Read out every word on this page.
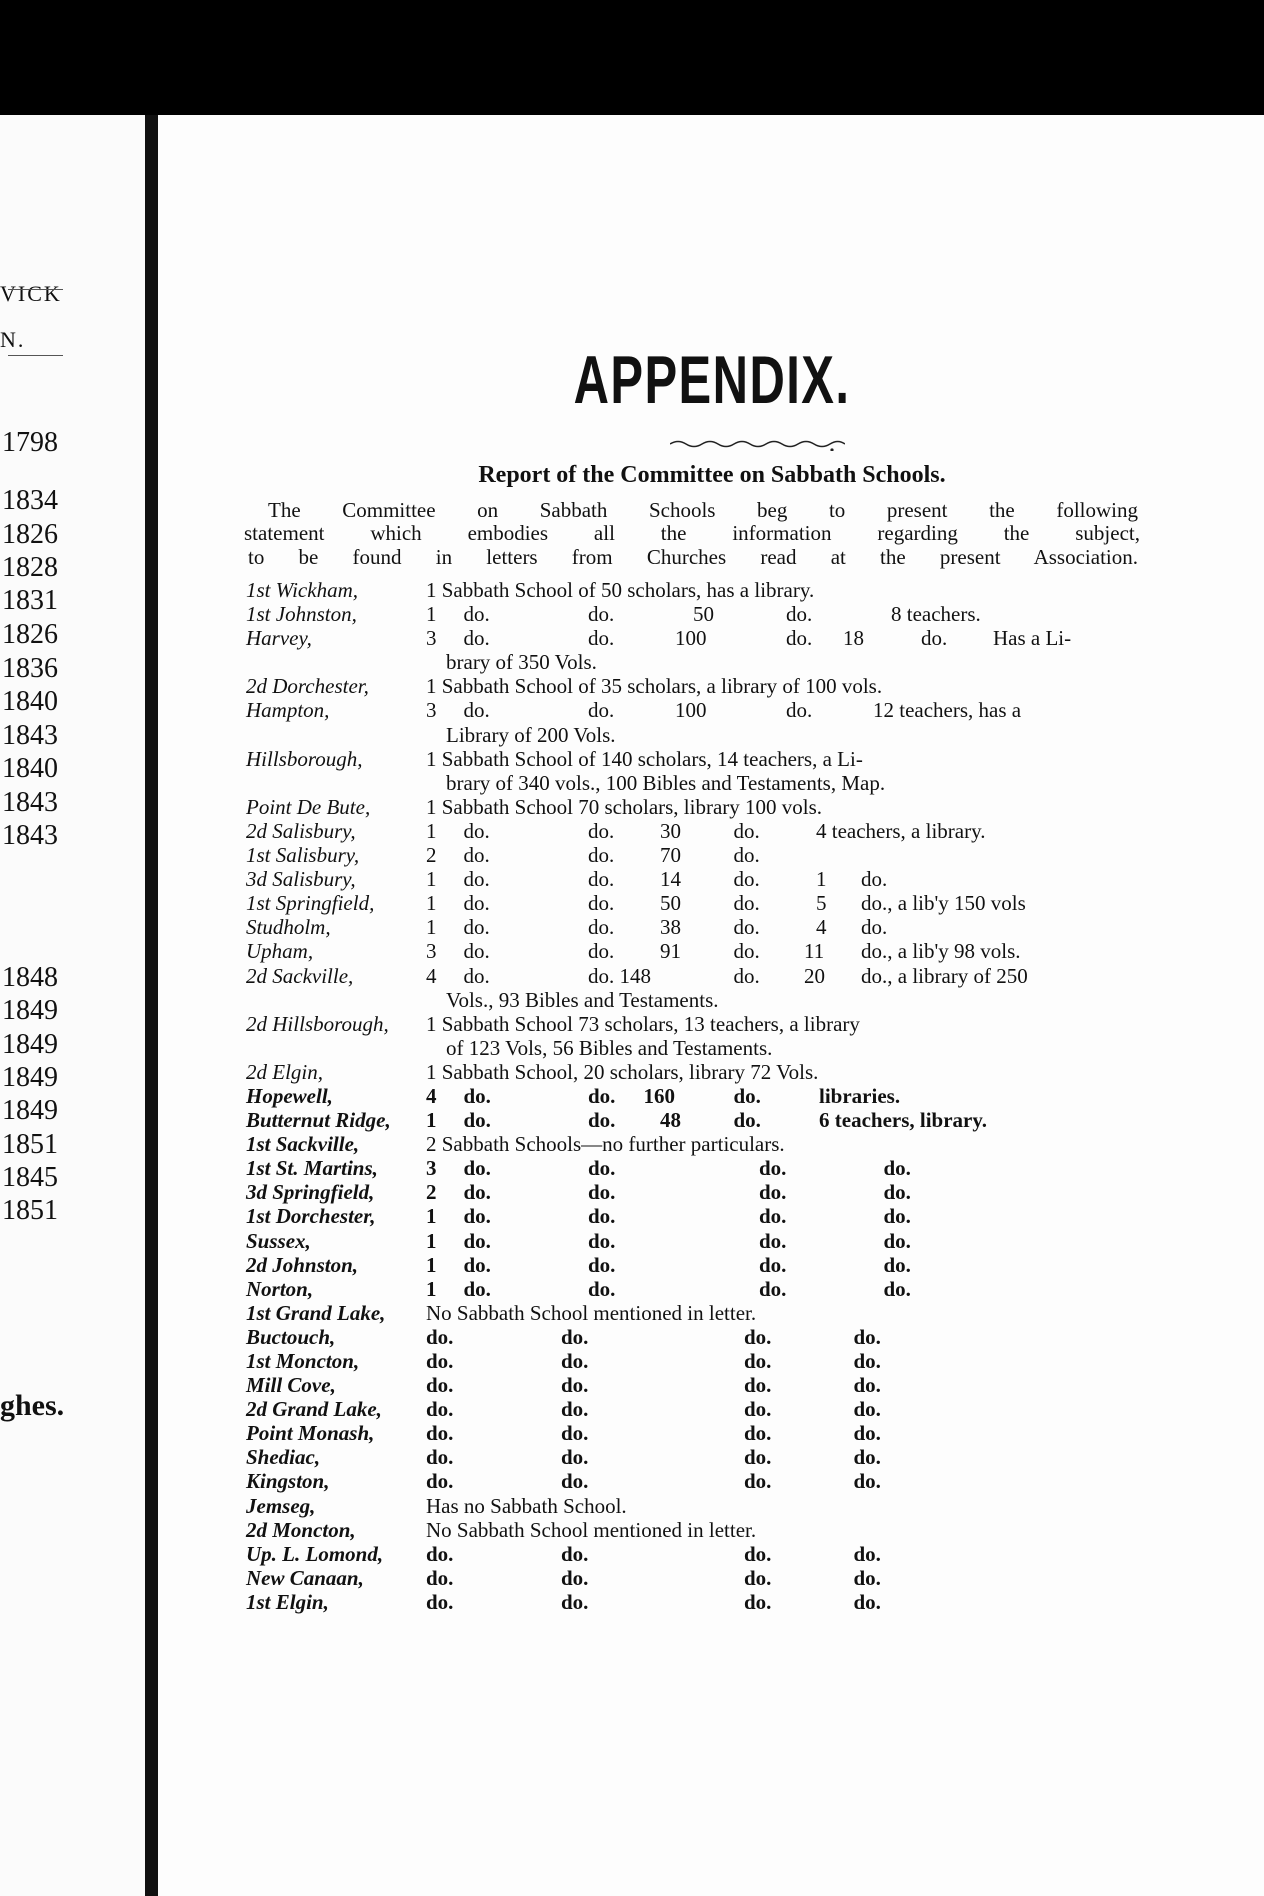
VICK
N.
1798
1834
1826
1828
1831
1826
1836
1840
1843
1840
1843
1843
1848
1849
1849
1849
1849
1851
1845
1851
ghes.
APPENDIX.
Report of the Committee on Sabbath Schools.
The Committee on Sabbath Schools beg to present the following
statement which embodies all the information regarding the subject,
to be found in letters from Churches read at the present Association.
1st Wickham,	1 Sabbath School of 50 scholars, has a library.
1st Johnston,	1 do.	do.	50	do.	8 teachers.
Harvey,	3 do.	do.	100	do. 18	do. Has a Li-
brary of 350 Vols.
2d Dorchester,	1 Sabbath School of 35 scholars, a library of 100 vols.
Hampton,	3 do.	do.	100	do.	12 teachers, has a
Library of 200 Vols.
Hillsborough,	1 Sabbath School of 140 scholars, 14 teachers, a Li-
brary of 340 vols., 100 Bibles and Testaments, Map.
Point De Bute,	1 Sabbath School 70 scholars, library 100 vols.
2d Salisbury,	1 do.	do. 30	do.	4 teachers, a library.
1st Salisbury,	2 do.	do. 70	do.
3d Salisbury,	1 do.	do. 14	do.	1 do.
1st Springfield, 1 do.	do. 50	do.	5 do., a lib'y 150 vols
Studholm,	1 do.	do. 38	do.	4 do.
Upham,	3 do.	do. 91	do. 11 do., a lib'y 98 vols.
2d Sackville,	4 do.	do. 148	do. 20 do., a library of 250
Vols., 93 Bibles and Testaments.
2d Hillsborough, 1 Sabbath School 73 scholars, 13 teachers, a library
of 123 Vols, 56 Bibles and Testaments.
2d Elgin,	1 Sabbath School, 20 scholars, library 72 Vols.
Hopewell,	4 do.	do. 160	do.	libraries.
Butternut Ridge, 1 do.	do. 48	do.	6 teachers, library.
1st Sackville,	2 Sabbath Schools—no further particulars.
1st St. Martins, 3 do.	do.	do.	do.
3d Springfield, 2 do.	do.	do.	do.
1st Dorchester, 1 do.	do.	do.	do.
Sussex,	1 do.	do.	do.	do.
2d Johnston,	1 do.	do.	do.	do.
Norton,	1 do.	do.	do.	do.
1st Grand Lake, No Sabbath School mentioned in letter.
Buctouch,	do.	do.	do.	do.
1st Moncton,	do.	do.	do.	do.
Mill Cove,	do.	do.	do.	do.
2d Grand Lake, do.	do.	do.	do.
Point Monash, do.	do.	do.	do.
Shediac,	do.	do.	do.	do.
Kingston,	do.	do.	do.	do.
Jemseg,	Has no Sabbath School.
2d Moncton,	No Sabbath School mentioned in letter.
Up. L. Lomond, do.	do.	do.	do.
New Canaan,	do.	do.	do.	do.
1st Elgin,	do.	do.	do.	do.
